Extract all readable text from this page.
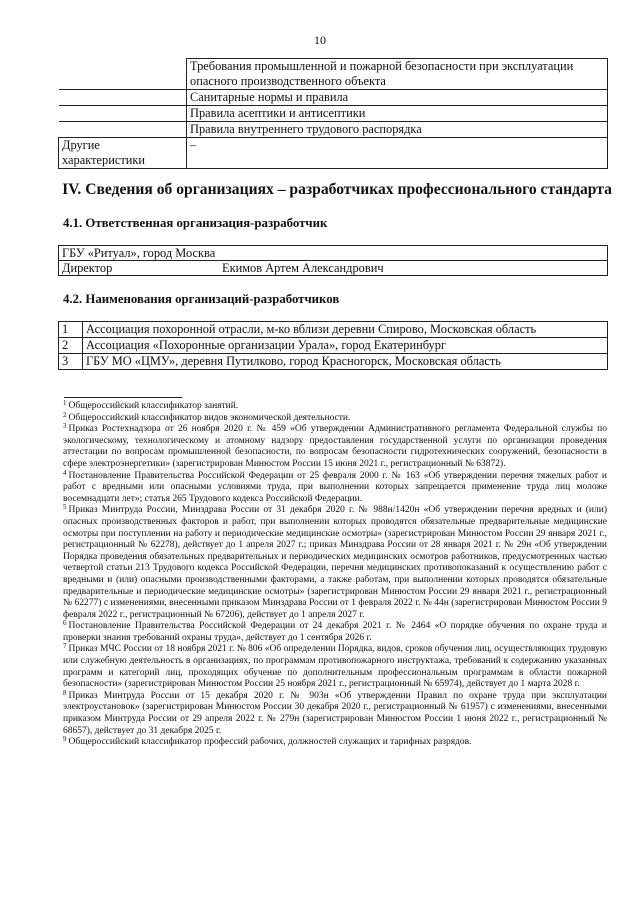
10
	Требования промышленной и пожарной безопасности при эксплуатации опасного производственного объекта
	Санитарные нормы и правила
	Правила асептики и антисептики
	Правила внутреннего трудового распорядка
Другие характеристики	–
IV. Сведения об организациях – разработчиках профессионального стандарта
4.1. Ответственная организация-разработчик
ГБУ «Ритуал», город Москва
Директор	Екимов Артем Александрович
4.2. Наименования организаций-разработчиков
1	Ассоциация похоронной отрасли, м-ко вблизи деревни Спирово, Московская область
2	Ассоциация «Похоронные организации Урала», город Екатеринбург
3	ГБУ МО «ЦМУ», деревня Путилково, город Красногорск, Московская область

$^1$ Общероссийский классификатор занятий.

$^2$ Общероссийский классификатор видов экономической деятельности.

$^3$ Приказ Ростехнадзора от 26 ноября 2020 г. № 459 «Об утверждении Административного регламента Федеральной службы по экологическому, технологическому и атомному надзору предоставления государственной услуги по организации проведения аттестации по вопросам промышленной безопасности, по вопросам безопасности гидротехнических сооружений, безопасности в сфере электроэнергетики» (зарегистрирован Минюстом России 15 июня 2021 г., регистрационный № 63872).

$^4$ Постановление Правительства Российской Федерации от 25 февраля 2000 г. № 163 «Об утверждении перечня тяжелых работ и работ с вредными или опасными условиями труда, при выполнении которых запрещается применение труда лиц моложе восемнадцати лет»; статья 265 Трудового кодекса Российской Федерации.

$^5$ Приказ Минтруда России, Минздрава России от 31 декабря 2020 г. № 988н/1420н «Об утверждении перечня вредных и (или) опасных производственных факторов и работ, при выполнении которых проводятся обязательные предварительные медицинские осмотры при поступлении на работу и периодические медицинские осмотры» (зарегистрирован Минюстом России 29 января 2021 г., регистрационный № 62278), действует до 1 апреля 2027 г.; приказ Минздрава России от 28 января 2021 г. № 29н «Об утверждении Порядка проведения обязательных предварительных и периодических медицинских осмотров работников, предусмотренных частью четвертой статьи 213 Трудового кодекса Российской Федерации, перечня медицинских противопоказаний к осуществлению работ с вредными и (или) опасными производственными факторами, а также работам, при выполнении которых проводятся обязательные предварительные и периодические медицинские осмотры» (зарегистрирован Минюстом России 29 января 2021 г., регистрационный № 62277) с изменениями, внесенными приказом Минздрава России от 1 февраля 2022 г. № 44н (зарегистрирован Минюстом России 9 февраля 2022 г., регистрационный № 67206), действует до 1 апреля 2027 г.

$^6$ Постановление Правительства Российской Федерации от 24 декабря 2021 г. № 2464 «О порядке обучения по охране труда и проверки знания требований охраны труда», действует до 1 сентября 2026 г.

$^7$ Приказ МЧС России от 18 ноября 2021 г. № 806 «Об определении Порядка, видов, сроков обучения лиц, осуществляющих трудовую или служебную деятельность в организациях, по программам противопожарного инструктажа, требований к содержанию указанных программ и категорий лиц, проходящих обучение по дополнительным профессиональным программам в области пожарной безопасности» (зарегистрирован Минюстом России 25 ноября 2021 г., регистрационный № 65974), действует до 1 марта 2028 г.

$^8$ Приказ Минтруда России от 15 декабря 2020 г. № 903н «Об утверждении Правил по охране труда при эксплуатации электроустановок» (зарегистрирован Минюстом России 30 декабря 2020 г., регистрационный № 61957) с изменениями, внесенными приказом Минтруда России от 29 апреля 2022 г. № 279н (зарегистрирован Минюстом России 1 июня 2022 г., регистрационный № 68657), действует до 31 декабря 2025 г.

$^9$ Общероссийский классификатор профессий рабочих, должностей служащих и тарифных разрядов.
